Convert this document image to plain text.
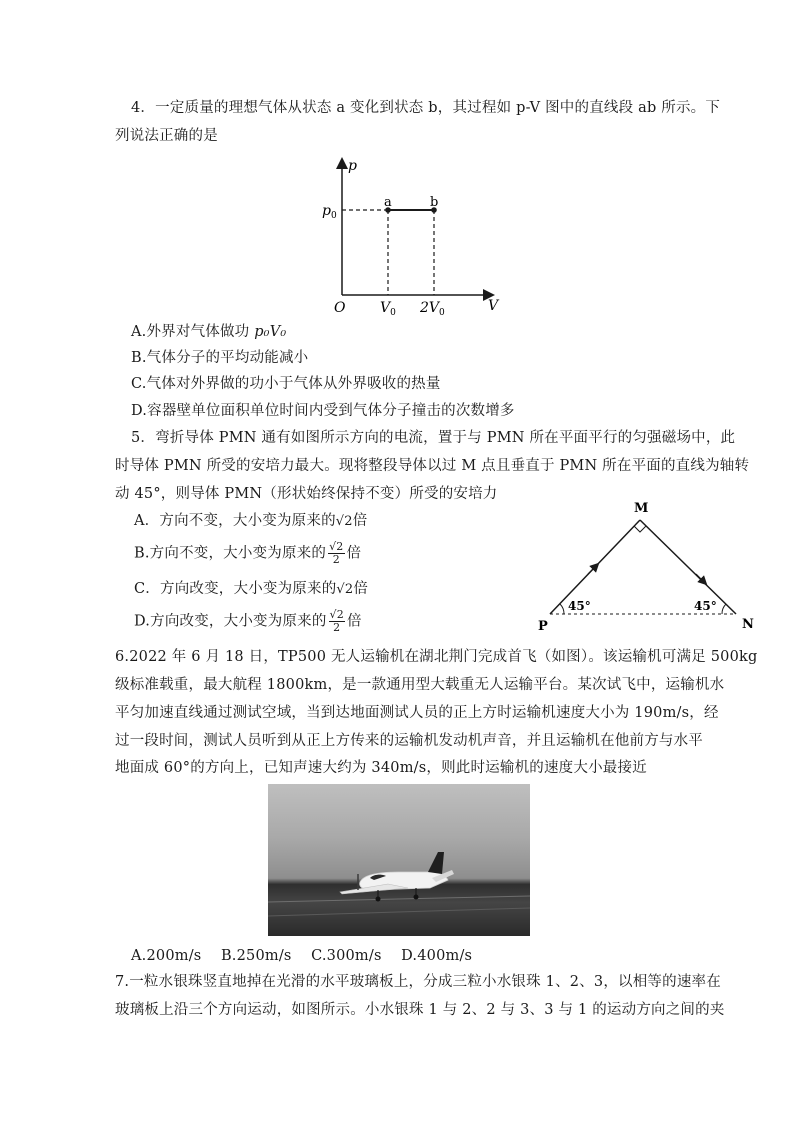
4．一定质量的理想气体从状态 a 变化到状态 b，其过程如 p-V 图中的直线段 ab 所示。下
列说法正确的是
p
V
O
a	b
$p_0$
$V_0$ $2V_0$
A.外界对气体做功 p₀V₀
B.气体分子的平均动能减小
C.气体对外界做的功小于气体从外界吸收的热量
D.容器壁单位面积单位时间内受到气体分子撞击的次数增多
5．弯折导体 PMN 通有如图所示方向的电流，置于与 PMN 所在平面平行的匀强磁场中，此
时导体 PMN 所受的安培力最大。现将整段导体以过 M 点且垂直于 PMN 所在平面的直线为轴转
动 45°，则导体 PMN（形状始终保持不变）所受的安培力
A．方向不变，大小变为原来的√2倍
B.方向不变，大小变为原来的 $\frac{√2}{2}$ 倍
C．方向改变，大小变为原来的√2倍
D.方向改变，大小变为原来的 $\frac{√2}{2}$ 倍
M
P	N
45°	45°
6.2022 年 6 月 18 日，TP500 无人运输机在湖北荆门完成首飞（如图）。该运输机可满足 500kg
级标准载重，最大航程 1800km，是一款通用型大载重无人运输平台。某次试飞中，运输机水
平匀加速直线通过测试空域，当到达地面测试人员的正上方时运输机速度大小为 190m/s，经
过一段时间，测试人员听到从正上方传来的运输机发动机声音，并且运输机在他前方与水平
地面成 60°的方向上，已知声速大约为 340m/s，则此时运输机的速度大小最接近
A.200m/s　 B.250m/s　 C.300m/s　 D.400m/s
7.一粒水银珠竖直地掉在光滑的水平玻璃板上，分成三粒小水银珠 1、2、3，以相等的速率在
玻璃板上沿三个方向运动，如图所示。小水银珠 1 与 2、2 与 3、3 与 1 的运动方向之间的夹
